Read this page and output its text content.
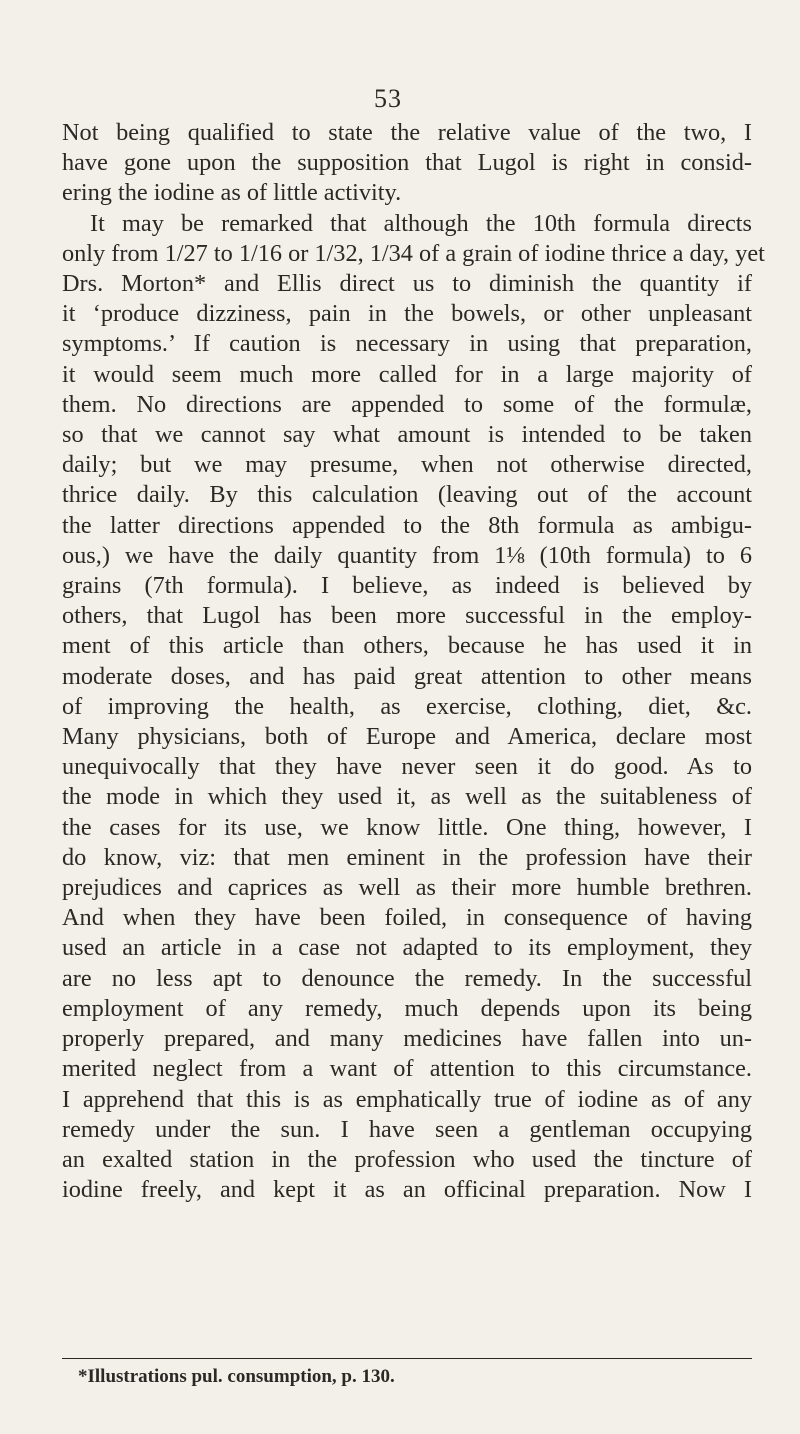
53
Not being qualified to state the relative value of the two, I
have gone upon the supposition that Lugol is right in consid-
ering the iodine as of little activity.
It may be remarked that although the 10th formula directs
only from 1/27 to 1/16 or 1/32, 1/34 of a grain of iodine thrice a day, yet
Drs. Morton* and Ellis direct us to diminish the quantity if
it ‘produce dizziness, pain in the bowels, or other unpleasant
symptoms.’ If caution is necessary in using that preparation,
it would seem much more called for in a large majority of
them. No directions are appended to some of the formulæ,
so that we cannot say what amount is intended to be taken
daily; but we may presume, when not otherwise directed,
thrice daily. By this calculation (leaving out of the account
the latter directions appended to the 8th formula as ambigu-
ous,) we have the daily quantity from 1⅛ (10th formula) to 6
grains (7th formula). I believe, as indeed is believed by
others, that Lugol has been more successful in the employ-
ment of this article than others, because he has used it in
moderate doses, and has paid great attention to other means
of improving the health, as exercise, clothing, diet, &c.
Many physicians, both of Europe and America, declare most
unequivocally that they have never seen it do good. As to
the mode in which they used it, as well as the suitableness of
the cases for its use, we know little. One thing, however, I
do know, viz: that men eminent in the profession have their
prejudices and caprices as well as their more humble brethren.
And when they have been foiled, in consequence of having
used an article in a case not adapted to its employment, they
are no less apt to denounce the remedy. In the successful
employment of any remedy, much depends upon its being
properly prepared, and many medicines have fallen into un-
merited neglect from a want of attention to this circumstance.
I apprehend that this is as emphatically true of iodine as of any
remedy under the sun. I have seen a gentleman occupying
an exalted station in the profession who used the tincture of
iodine freely, and kept it as an officinal preparation. Now I
*Illustrations pul. consumption, p. 130.
